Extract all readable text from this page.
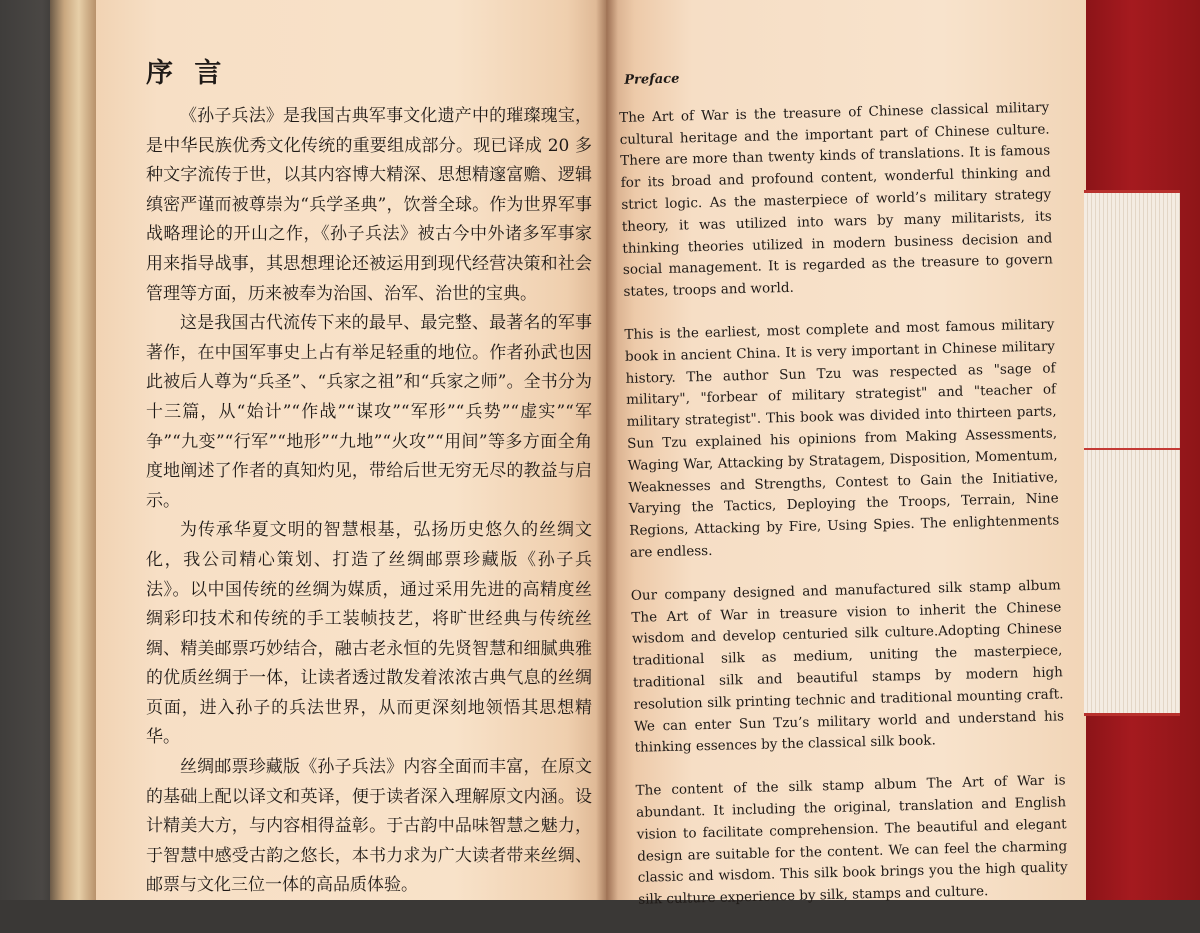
序 言

《孙子兵法》是我国古典军事文化遗产中的璀璨瑰宝，是中华民族优秀文化传统的重要组成部分。现已译成 20 多种文字流传于世，以其内容博大精深、思想精邃富赡、逻辑缜密严谨而被尊崇为“兵学圣典”，饮誉全球。作为世界军事战略理论的开山之作，《孙子兵法》被古今中外诸多军事家用来指导战事，其思想理论还被运用到现代经营决策和社会管理等方面，历来被奉为治国、治军、治世的宝典。

这是我国古代流传下来的最早、最完整、最著名的军事著作，在中国军事史上占有举足轻重的地位。作者孙武也因此被后人尊为“兵圣”、“兵家之祖”和“兵家之师”。全书分为十三篇，从“始计”“作战”“谋攻”“军形”“兵势”“虚实”“军争”“九变”“行军”“地形”“九地”“火攻”“用间”等多方面全角度地阐述了作者的真知灼见，带给后世无穷无尽的教益与启示。

为传承华夏文明的智慧根基，弘扬历史悠久的丝绸文化，我公司精心策划、打造了丝绸邮票珍藏版《孙子兵法》。以中国传统的丝绸为媒质，通过采用先进的高精度丝绸彩印技术和传统的手工装帧技艺，将旷世经典与传统丝绸、精美邮票巧妙结合，融古老永恒的先贤智慧和细腻典雅的优质丝绸于一体，让读者透过散发着浓浓古典气息的丝绸页面，进入孙子的兵法世界，从而更深刻地领悟其思想精华。

丝绸邮票珍藏版《孙子兵法》内容全面而丰富，在原文的基础上配以译文和英译，便于读者深入理解原文内涵。设计精美大方，与内容相得益彰。于古韵中品味智慧之魅力，于智慧中感受古韵之悠长，本书力求为广大读者带来丝绸、邮票与文化三位一体的高品质体验。

Preface

The Art of War is the treasure of Chinese classical military cultural heritage and the important part of Chinese culture. There are more than twenty kinds of translations. It is famous for its broad and profound content, wonderful thinking and strict logic. As the masterpiece of world’s military strategy theory, it was utilized into wars by many militarists, its thinking theories utilized in modern business decision and social management. It is regarded as the treasure to govern states, troops and world.

This is the earliest, most complete and most famous military book in ancient China. It is very important in Chinese military history. The author Sun Tzu was respected as "sage of military", "forbear of military strategist" and "teacher of military strategist". This book was divided into thirteen parts, Sun Tzu explained his opinions from Making Assessments, Waging War, Attacking by Stratagem, Disposition, Momentum, Weaknesses and Strengths, Contest to Gain the Initiative, Varying the Tactics, Deploying the Troops, Terrain, Nine Regions, Attacking by Fire, Using Spies. The enlightenments are endless.

Our company designed and manufactured silk stamp album The Art of War in treasure vision to inherit the Chinese wisdom and develop centuried silk culture.Adopting Chinese traditional silk as medium, uniting the masterpiece, traditional silk and beautiful stamps by modern high resolution silk printing technic and traditional mounting craft. We can enter Sun Tzu’s military world and understand his thinking essences by the classical silk book.

The content of the silk stamp album The Art of War is abundant. It including the original, translation and English vision to facilitate comprehension. The beautiful and elegant design are suitable for the content. We can feel the charming classic and wisdom. This silk book brings you the high quality silk culture experience by silk, stamps and culture.
